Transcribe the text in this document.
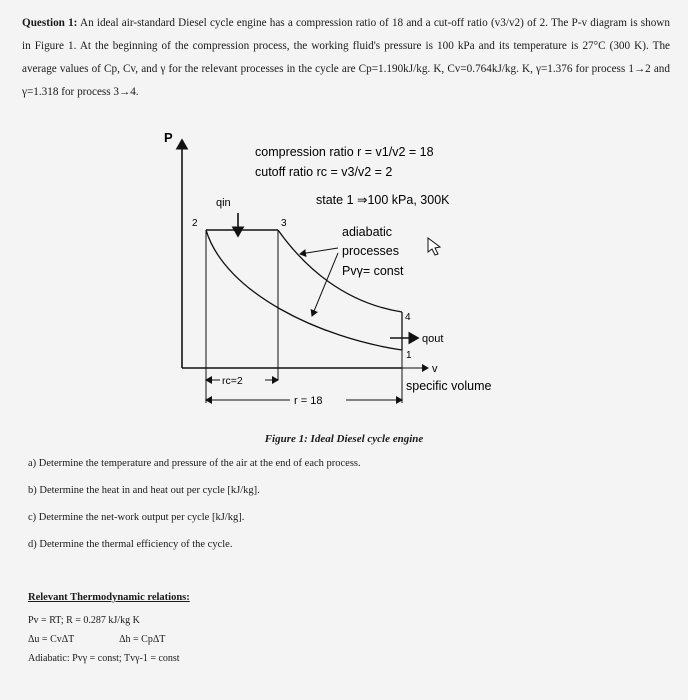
Question 1: An ideal air-standard Diesel cycle engine has a compression ratio of 18 and a cut-off ratio (v3/v2) of 2. The P-v diagram is shown in Figure 1. At the beginning of the compression process, the working fluid's pressure is 100 kPa and its temperature is 27°C (300 K). The average values of Cp, Cv, and γ for the relevant processes in the cycle are Cp=1.190kJ/kg. K, Cv=0.764kJ/kg. K, γ=1.376 for process 1→2 and γ=1.318 for process 3→4.
P
2	3
4
1
compression ratio r = v1/v2 = 18
cutoff ratio rc = v3/v2 = 2
state 1 ⇒100 kPa, 300K
adiabatic
processes
Pvγ= const
qin
qout
v
specific volume
rc=2
r = 18
Figure 1: Ideal Diesel cycle engine
a) Determine the temperature and pressure of the air at the end of each process.
b) Determine the heat in and heat out per cycle [kJ/kg].
c) Determine the net-work output per cycle [kJ/kg].
d) Determine the thermal efficiency of the cycle.
Relevant Thermodynamic relations:
Pv = RT; R = 0.287 kJ/kg K
Δu = CvΔT	Δh = CpΔT
Adiabatic: Pvγ = const; Tvγ-1 = const
